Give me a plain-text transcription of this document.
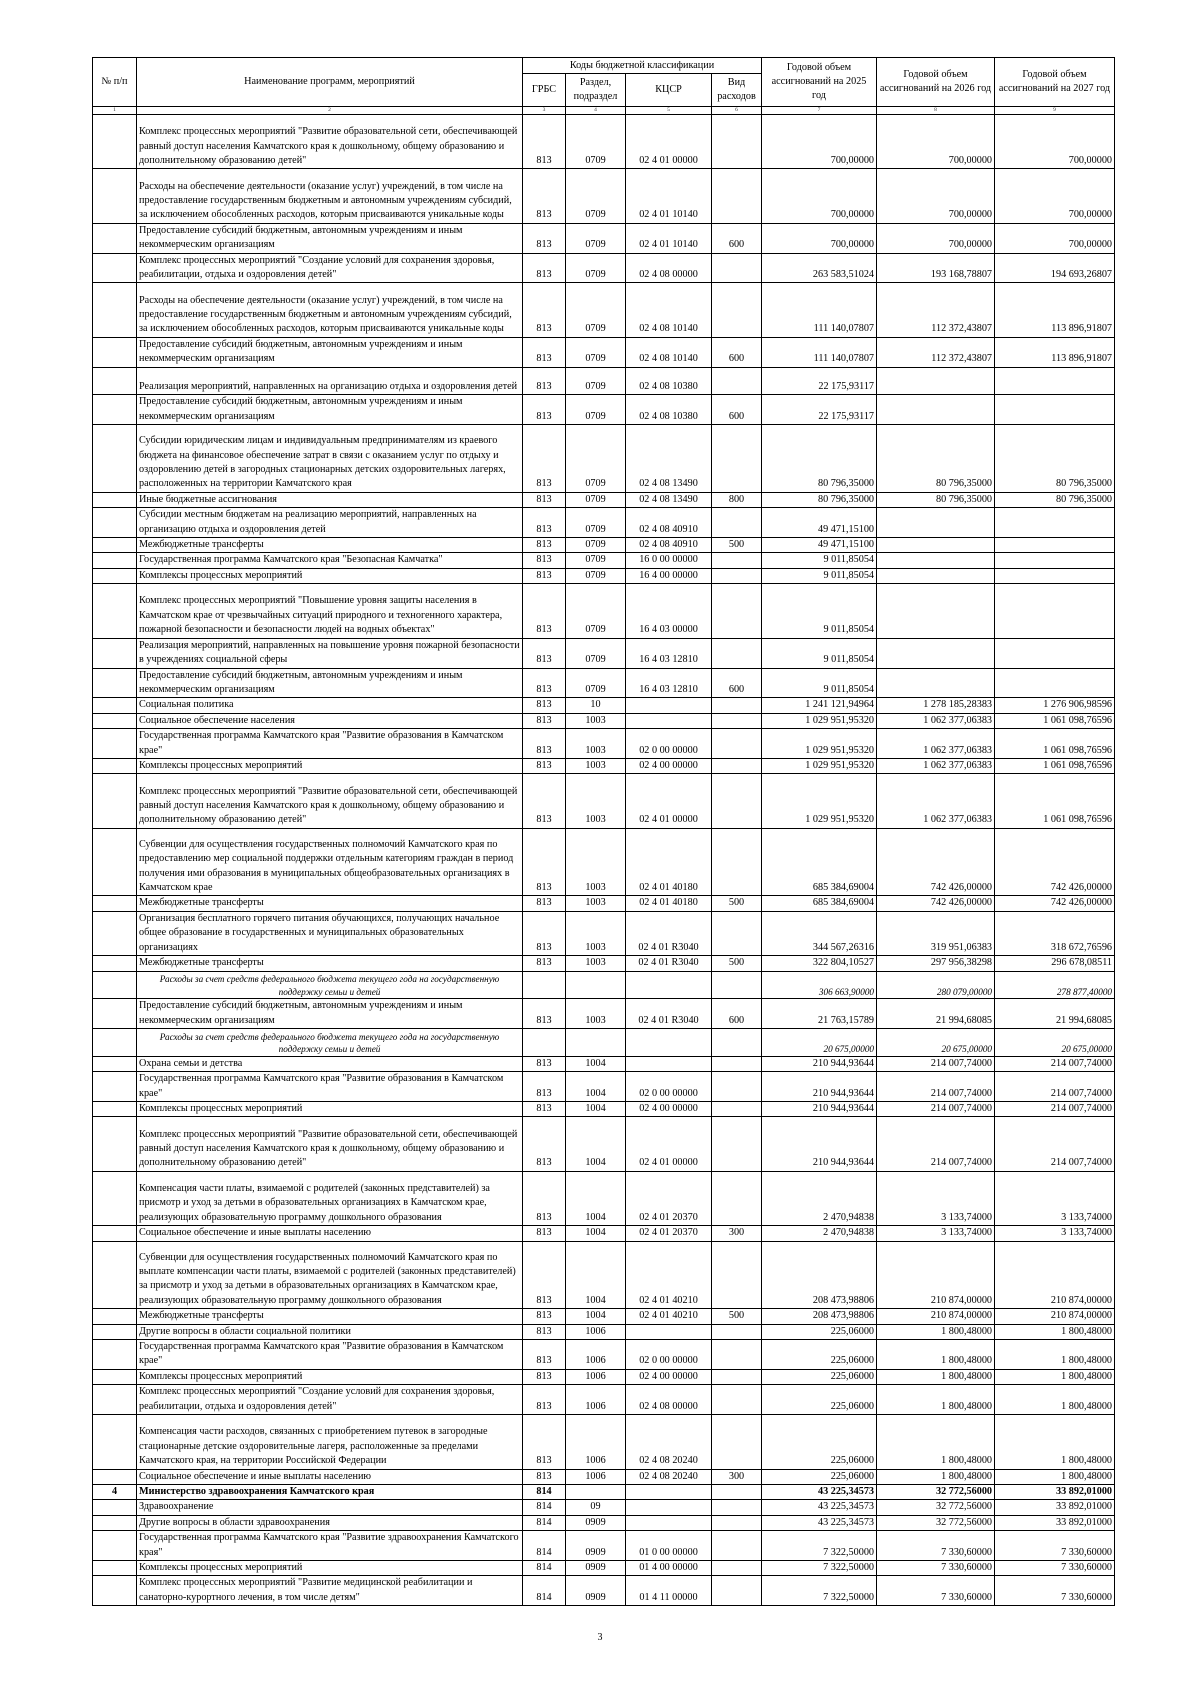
№ п/п	Наименование программ, мероприятий	Коды бюджетной классификации				Годовой объем ассигнований на 2025 год	Годовой объем ассигнований на 2026 год	Годовой объем ассигнований на 2027 год
		ГРБС	Раздел, подраздел	КЦСР	Вид расходов			
1	2	3	4	5	6	7	8	9
	Комплекс процессных мероприятий "Развитие образовательной сети, обеспечивающей равный доступ населения Камчатского края к дошкольному, общему образованию и дополнительному образованию детей"	813	0709	02 4 01 00000		700,00000	700,00000	700,00000
	Расходы на обеспечение деятельности (оказание услуг) учреждений, в том числе на предоставление государственным бюджетным и автономным учреждениям субсидий, за исключением обособленных расходов, которым присваиваются уникальные коды	813	0709	02 4 01 10140		700,00000	700,00000	700,00000
	Предоставление субсидий бюджетным, автономным учреждениям и иным некоммерческим организациям	813	0709	02 4 01 10140	600	700,00000	700,00000	700,00000
	Комплекс процессных мероприятий "Создание условий для сохранения здоровья, реабилитации, отдыха и оздоровления детей"	813	0709	02 4 08 00000		263 583,51024	193 168,78807	194 693,26807
	Расходы на обеспечение деятельности (оказание услуг) учреждений, в том числе на предоставление государственным бюджетным и автономным учреждениям субсидий, за исключением обособленных расходов, которым присваиваются уникальные коды	813	0709	02 4 08 10140		111 140,07807	112 372,43807	113 896,91807
	Предоставление субсидий бюджетным, автономным учреждениям и иным некоммерческим организациям	813	0709	02 4 08 10140	600	111 140,07807	112 372,43807	113 896,91807
	Реализация мероприятий, направленных на организацию отдыха и оздоровления детей	813	0709	02 4 08 10380		22 175,93117		
	Предоставление субсидий бюджетным, автономным учреждениям и иным некоммерческим организациям	813	0709	02 4 08 10380	600	22 175,93117		
	Субсидии юридическим лицам и индивидуальным предпринимателям из краевого бюджета на финансовое обеспечение затрат в связи с оказанием услуг по отдыху и оздоровлению детей в загородных стационарных детских оздоровительных лагерях, расположенных на территории Камчатского края	813	0709	02 4 08 13490		80 796,35000	80 796,35000	80 796,35000
	Иные бюджетные ассигнования	813	0709	02 4 08 13490	800	80 796,35000	80 796,35000	80 796,35000
	Субсидии местным бюджетам на реализацию мероприятий, направленных на организацию отдыха и оздоровления детей	813	0709	02 4 08 40910		49 471,15100		
	Межбюджетные трансферты	813	0709	02 4 08 40910	500	49 471,15100		
	Государственная программа Камчатского края "Безопасная Камчатка"	813	0709	16 0 00 00000		9 011,85054		
	Комплексы процессных мероприятий	813	0709	16 4 00 00000		9 011,85054		
	Комплекс процессных мероприятий "Повышение уровня защиты населения в Камчатском крае от чрезвычайных ситуаций природного и техногенного характера, пожарной безопасности и безопасности людей на водных объектах"	813	0709	16 4 03 00000		9 011,85054		
	Реализация мероприятий, направленных на повышение уровня пожарной безопасности в учреждениях социальной сферы	813	0709	16 4 03 12810		9 011,85054		
	Предоставление субсидий бюджетным, автономным учреждениям и иным некоммерческим организациям	813	0709	16 4 03 12810	600	9 011,85054		
	Социальная политика	813	10			1 241 121,94964	1 278 185,28383	1 276 906,98596
	Социальное обеспечение населения	813	1003			1 029 951,95320	1 062 377,06383	1 061 098,76596
	Государственная программа Камчатского края "Развитие образования в Камчатском крае"	813	1003	02 0 00 00000		1 029 951,95320	1 062 377,06383	1 061 098,76596
	Комплексы процессных мероприятий	813	1003	02 4 00 00000		1 029 951,95320	1 062 377,06383	1 061 098,76596
	Комплекс процессных мероприятий "Развитие образовательной сети, обеспечивающей равный доступ населения Камчатского края к дошкольному, общему образованию и дополнительному образованию детей"	813	1003	02 4 01 00000		1 029 951,95320	1 062 377,06383	1 061 098,76596
	Субвенции для осуществления государственных полномочий Камчатского края по предоставлению мер социальной поддержки отдельным категориям граждан в период получения ими образования в муниципальных общеобразовательных организациях в Камчатском крае	813	1003	02 4 01 40180		685 384,69004	742 426,00000	742 426,00000
	Межбюджетные трансферты	813	1003	02 4 01 40180	500	685 384,69004	742 426,00000	742 426,00000
	Организация бесплатного горячего питания обучающихся, получающих начальное общее образование в государственных и муниципальных образовательных организациях	813	1003	02 4 01 R3040		344 567,26316	319 951,06383	318 672,76596
	Межбюджетные трансферты	813	1003	02 4 01 R3040	500	322 804,10527	297 956,38298	296 678,08511
	Расходы за счет средств федерального бюджета текущего года на государственную поддержку семьи и детей					306 663,90000	280 079,00000	278 877,40000
	Предоставление субсидий бюджетным, автономным учреждениям и иным некоммерческим организациям	813	1003	02 4 01 R3040	600	21 763,15789	21 994,68085	21 994,68085
	Расходы за счет средств федерального бюджета текущего года на государственную поддержку семьи и детей					20 675,00000	20 675,00000	20 675,00000
	Охрана семьи и детства	813	1004			210 944,93644	214 007,74000	214 007,74000
	Государственная программа Камчатского края "Развитие образования в Камчатском крае"	813	1004	02 0 00 00000		210 944,93644	214 007,74000	214 007,74000
	Комплексы процессных мероприятий	813	1004	02 4 00 00000		210 944,93644	214 007,74000	214 007,74000
	Комплекс процессных мероприятий "Развитие образовательной сети, обеспечивающей равный доступ населения Камчатского края к дошкольному, общему образованию и дополнительному образованию детей"	813	1004	02 4 01 00000		210 944,93644	214 007,74000	214 007,74000
	Компенсация части платы, взимаемой с родителей (законных представителей) за присмотр и уход за детьми в образовательных организациях в Камчатском крае, реализующих образовательную программу дошкольного образования	813	1004	02 4 01 20370		2 470,94838	3 133,74000	3 133,74000
	Социальное обеспечение и иные выплаты населению	813	1004	02 4 01 20370	300	2 470,94838	3 133,74000	3 133,74000
	Субвенции для осуществления государственных полномочий Камчатского края по выплате компенсации части платы, взимаемой с родителей (законных представителей) за присмотр и уход за детьми в образовательных организациях в Камчатском крае, реализующих образовательную программу дошкольного образования	813	1004	02 4 01 40210		208 473,98806	210 874,00000	210 874,00000
	Межбюджетные трансферты	813	1004	02 4 01 40210	500	208 473,98806	210 874,00000	210 874,00000
	Другие вопросы в области социальной политики	813	1006			225,06000	1 800,48000	1 800,48000
	Государственная программа Камчатского края "Развитие образования в Камчатском крае"	813	1006	02 0 00 00000		225,06000	1 800,48000	1 800,48000
	Комплексы процессных мероприятий	813	1006	02 4 00 00000		225,06000	1 800,48000	1 800,48000
	Комплекс процессных мероприятий "Создание условий для сохранения здоровья, реабилитации, отдыха и оздоровления детей"	813	1006	02 4 08 00000		225,06000	1 800,48000	1 800,48000
	Компенсация части расходов, связанных с приобретением путевок в загородные стационарные детские оздоровительные лагеря, расположенные за пределами Камчатского края, на территории Российской Федерации	813	1006	02 4 08 20240		225,06000	1 800,48000	1 800,48000
	Социальное обеспечение и иные выплаты населению	813	1006	02 4 08 20240	300	225,06000	1 800,48000	1 800,48000
4	Министерство здравоохранения Камчатского края	814				43 225,34573	32 772,56000	33 892,01000
	Здравоохранение	814	09			43 225,34573	32 772,56000	33 892,01000
	Другие вопросы в области здравоохранения	814	0909			43 225,34573	32 772,56000	33 892,01000
	Государственная программа Камчатского края "Развитие здравоохранения Камчатского края"	814	0909	01 0 00 00000		7 322,50000	7 330,60000	7 330,60000
	Комплексы процессных мероприятий	814	0909	01 4 00 00000		7 322,50000	7 330,60000	7 330,60000
	Комплекс процессных мероприятий "Развитие медицинской реабилитации и санаторно-курортного лечения, в том числе детям"	814	0909	01 4 11 00000		7 322,50000	7 330,60000	7 330,60000
3
